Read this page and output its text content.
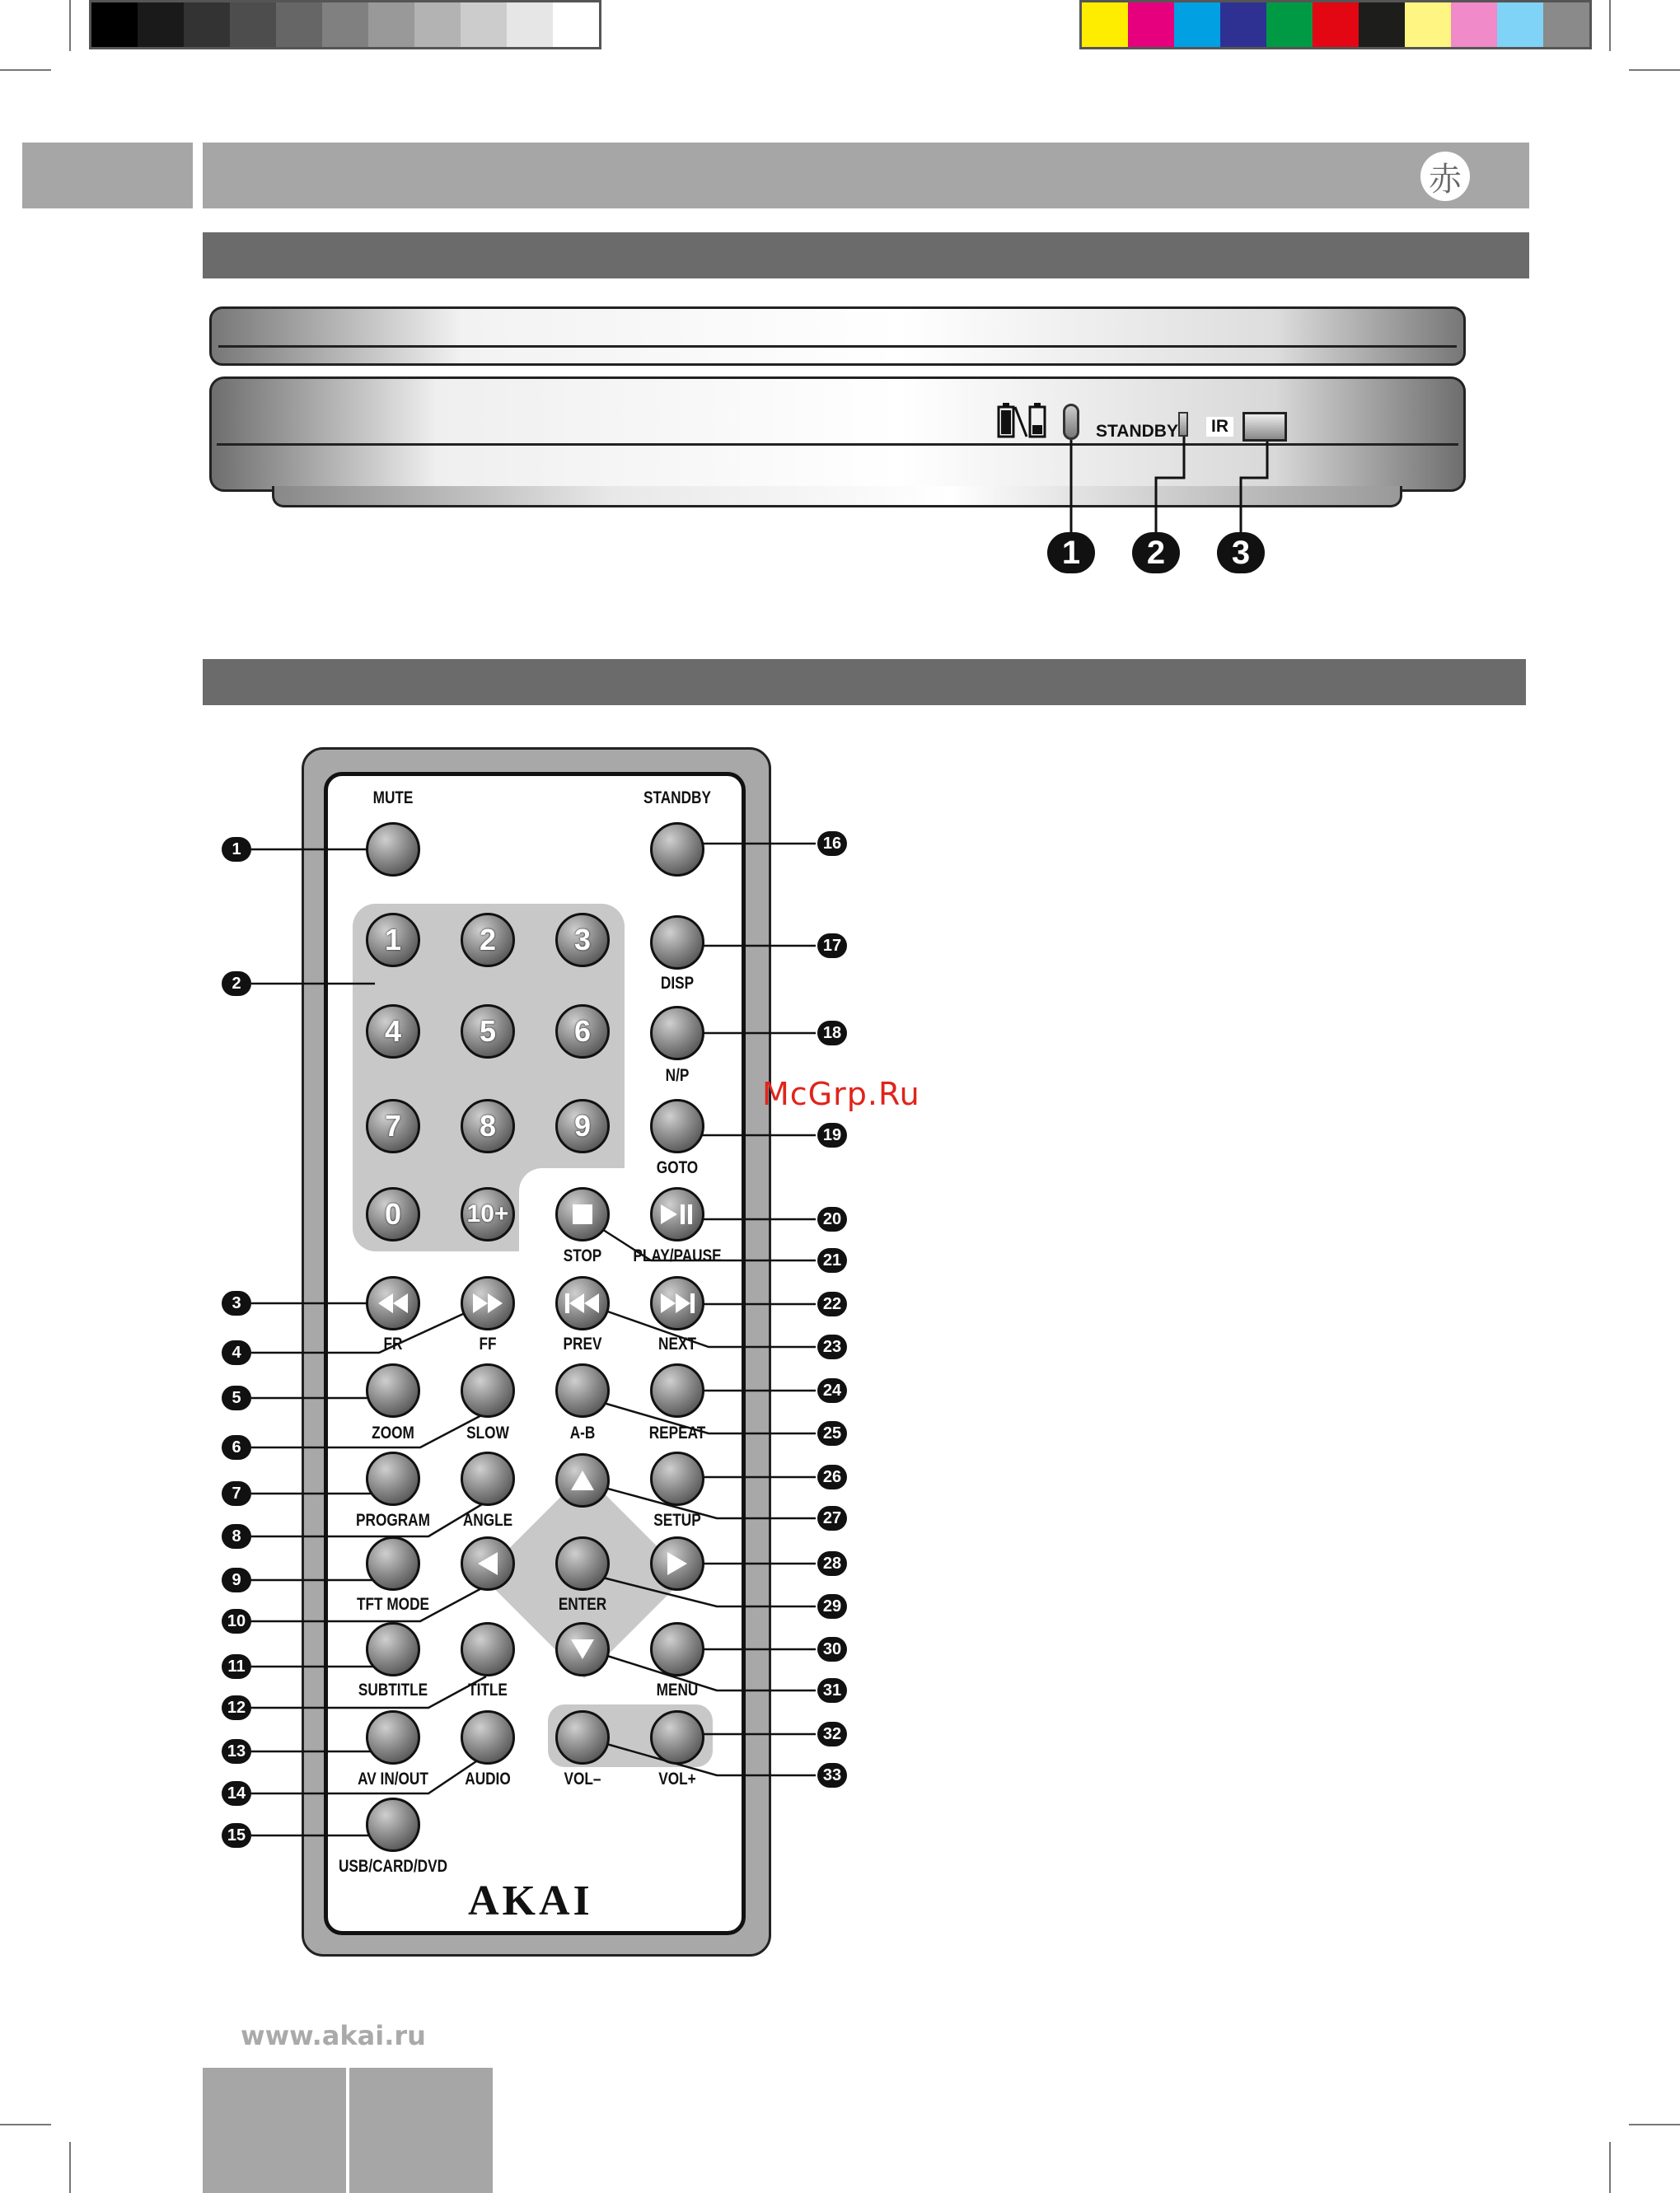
赤
STANDBY IR
1	2	3
MUTE	STANDBY
1	2	3
4	5	6
7	8	9
0	10+
DISP
N/P
GOTO
STOP PLAY/PAUSE
FR	FF	PREV	NEXT
ZOOM	SLOW	A-B	REPEAT
PROGRAM ANGLE	SETUP
TFT MODE	ENTER
SUBTITLE TITLE	MENU
AV IN/OUT AUDIO	VOL–	VOL+
USB/CARD/DVD
AKAI
1
2
3
4
5
6
7
8
9
10
11
12
13
14
15
16
17
18
19
20
21
22
23
24
25
26
27
28
29
30
31
32
33
McGrp.Ru
www.akai.ru
